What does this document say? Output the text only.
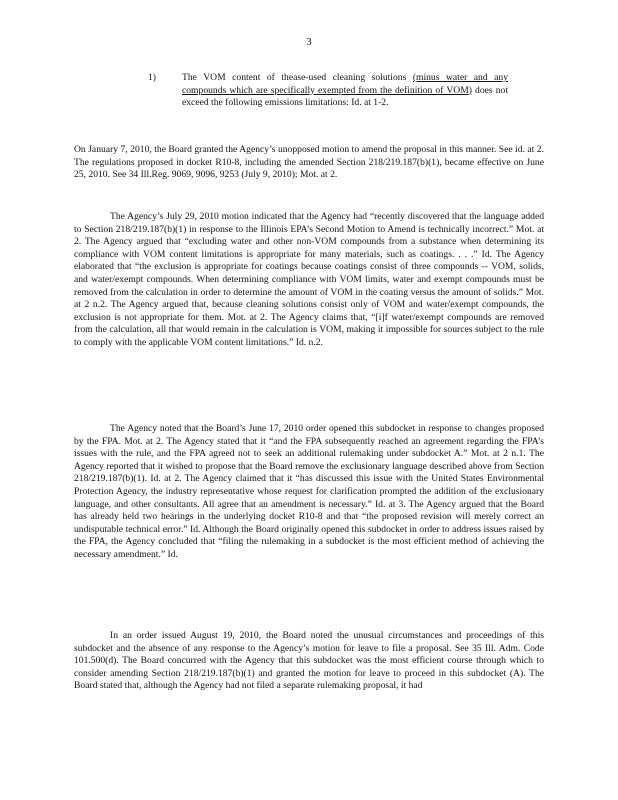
3
1)	The VOM content of thease-used cleaning solutions (minus water and any compounds which are specifically exempted from the definition of VOM) does not exceed the following emissions limitations: Id. at 1-2.

On January 7, 2010, the Board granted the Agency’s unopposed motion to amend the proposal in this manner. See id. at 2. The regulations proposed in docket R10-8, including the amended Section 218/219.187(b)(1), became effective on June 25, 2010. See 34 Ill.Reg. 9069, 9096, 9253 (July 9, 2010); Mot. at 2.

The Agency’s July 29, 2010 motion indicated that the Agency had “recently discovered that the language added to Section 218/219.187(b)(1) in response to the Illinois EPA’s Second Motion to Amend is technically incorrect.” Mot. at 2. The Agency argued that “excluding water and other non-VOM compounds from a substance when determining its compliance with VOM content limitations is appropriate for many materials, such as coatings. . . .” Id. The Agency elaborated that “the exclusion is appropriate for coatings because coatings consist of three compounds -- VOM, solids, and water/exempt compounds. When determining compliance with VOM limits, water and exempt compounds must be removed from the calculation in order to determine the amount of VOM in the coating versus the amount of solids.” Mot. at 2 n.2. The Agency argued that, because cleaning solutions consist only of VOM and water/exempt compounds, the exclusion is not appropriate for them. Mot. at 2. The Agency claims that, “[i]f water/exempt compounds are removed from the calculation, all that would remain in the calculation is VOM, making it impossible for sources subject to the rule to comply with the applicable VOM content limitations.” Id. n.2.

The Agency noted that the Board’s June 17, 2010 order opened this subdocket in response to changes proposed by the FPA. Mot. at 2. The Agency stated that it “and the FPA subsequently reached an agreement regarding the FPA’s issues with the rule, and the FPA agreed not to seek an additional rulemaking under subdocket A.” Mot. at 2 n.1. The Agency reported that it wished to propose that the Board remove the exclusionary language described above from Section 218/219.187(b)(1). Id. at 2. The Agency claimed that it “has discussed this issue with the United States Environmental Protection Agency, the industry representative whose request for clarification prompted the addition of the exclusionary language, and other consultants. All agree that an amendment is necessary.” Id. at 3. The Agency argued that the Board has already held two hearings in the underlying docket R10-8 and that “the proposed revision will merely correct an undisputable technical error.” Id. Although the Board originally opened this subdocket in order to address issues raised by the FPA, the Agency concluded that “filing the rulemaking in a subdocket is the most efficient method of achieving the necessary amendment.” Id.

In an order issued August 19, 2010, the Board noted the unusual circumstances and proceedings of this subdocket and the absence of any response to the Agency’s motion for leave to file a proposal. See 35 Ill. Adm. Code 101.500(d). The Board concurred with the Agency that this subdocket was the most efficient course through which to consider amending Section 218/219.187(b)(1) and granted the motion for leave to proceed in this subdocket (A). The Board stated that, although the Agency had not filed a separate rulemaking proposal, it had
